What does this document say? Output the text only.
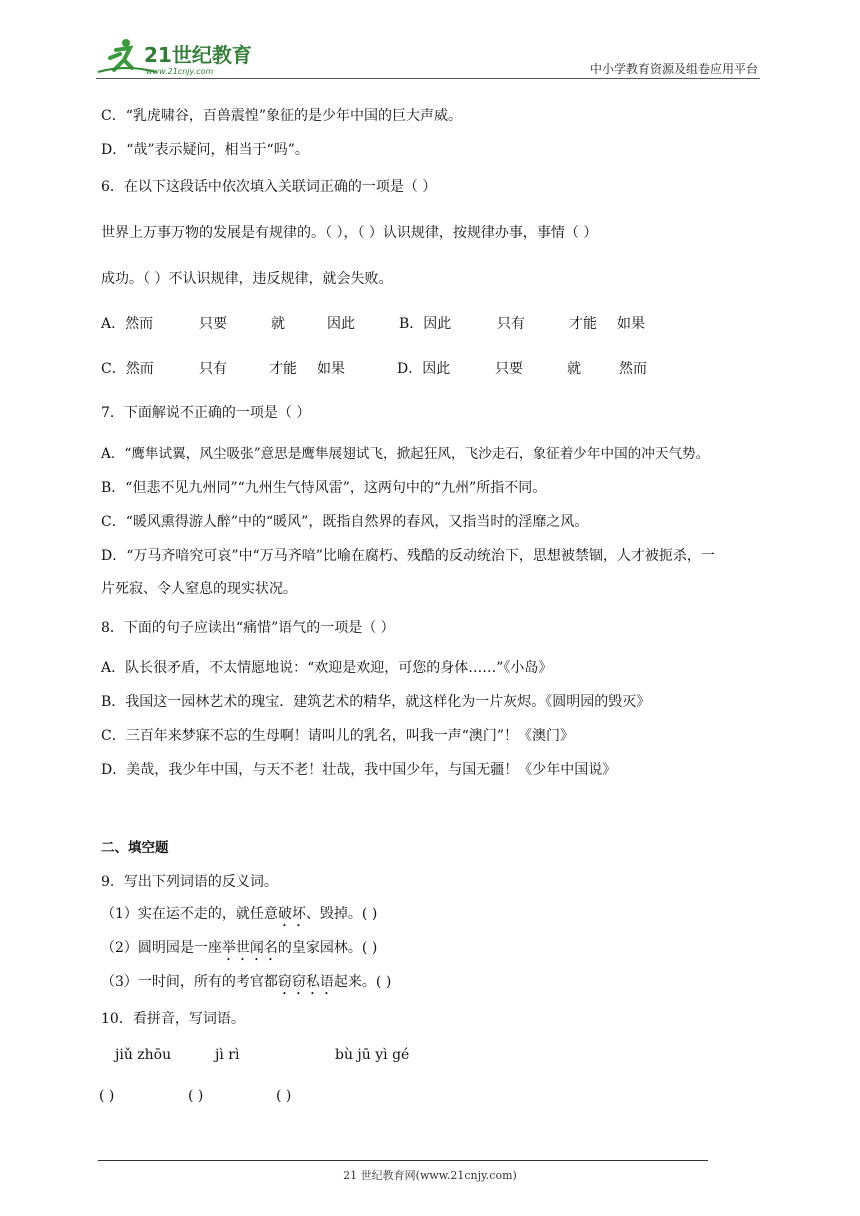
21世纪教育
www.21cnjy.com	中小学教育资源及组卷应用平台
C．“乳虎啸谷，百兽震惶”象征的是少年中国的巨大声威。
D．“哉”表示疑问，相当于“吗”。
6．在以下这段话中依次填入关联词正确的一项是（ ）
世界上万事万物的发展是有规律的。（ ），（ ）认识规律，按规律办事，事情（ ）
成功。（ ）不认识规律，违反规律，就会失败。
A．然而	只要	就	因此	B．因此	只有	才能 如果
C．然而	只有	才能 如果	D．因此	只要	就	然而
7．下面解说不正确的一项是（ ）
A．“鹰隼试翼，风尘吸张”意思是鹰隼展翅试飞，掀起狂风，飞沙走石，象征着少年中国的冲天气势。
B．“但悲不见九州同”“九州生气恃风雷”，这两句中的“九州”所指不同。
C．“暖风熏得游人醉”中的“暖风”，既指自然界的春风，又指当时的淫靡之风。
D．“万马齐喑究可哀”中“万马齐喑”比喻在腐朽、残酷的反动统治下，思想被禁锢，人才被扼杀，一
片死寂、令人窒息的现实状况。
8．下面的句子应读出“痛惜”语气的一项是（ ）
A．队长很矛盾，不太情愿地说：“欢迎是欢迎，可您的身体……”《小岛》
B．我国这一园林艺术的瑰宝．建筑艺术的精华，就这样化为一片灰烬。《圆明园的毁灭》
C．三百年来梦寐不忘的生母啊！请叫儿的乳名，叫我一声“澳门”！《澳门》
D．美哉，我少年中国，与天不老！壮哉，我中国少年，与国无疆！《少年中国说》
二、填空题
9．写出下列词语的反义词。
（1）实在运不走的，就任意破坏、毁掉。( )
（2）圆明园是一座举世闻名的皇家园林。( )
（3）一时间，所有的考官都窃窃私语起来。( )
10．看拼音，写词语。
jiǔ zhōu	jì rì	bù jū yì gé
( )	( )	( )
21 世纪教育网(www.21cnjy.com)
